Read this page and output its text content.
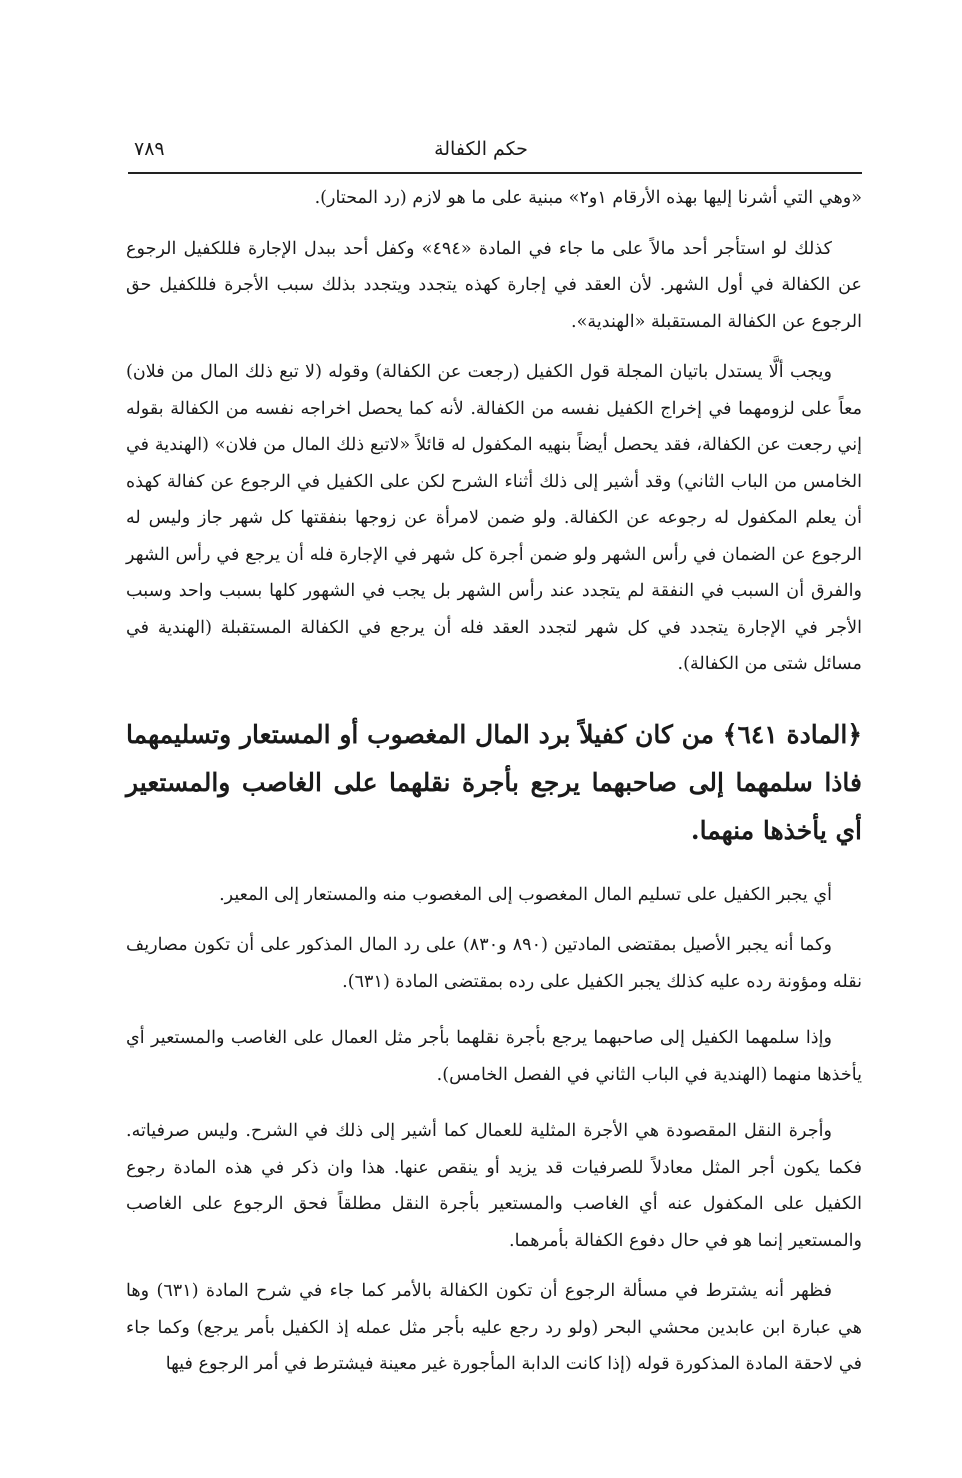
حكم الكفالة
٧٨٩

«وهي التي أشرنا إليها بهذه الأرقام ١و٢» مبنية على ما هو لازم (رد المحتار).

كذلك لو استأجر أحد مالاً على ما جاء في المادة «٤٩٤» وكفل أحد ببدل الإجارة فللكفيل الرجوع عن الكفالة في أول الشهر. لأن العقد في إجارة كهذه يتجدد ويتجدد بذلك سبب الأجرة فللكفيل حق الرجوع عن الكفالة المستقبلة «الهندية».

ويجب ألَّا يستدل باتيان المجلة قول الكفيل (رجعت عن الكفالة) وقوله (لا تبع ذلك المال من فلان) معاً على لزومهما في إخراج الكفيل نفسه من الكفالة. لأنه كما يحصل اخراجه نفسه من الكفالة بقوله إني رجعت عن الكفالة، فقد يحصل أيضاً بنهيه المكفول له قائلاً «لاتبع ذلك المال من فلان» (الهندية في الخامس من الباب الثاني) وقد أشير إلى ذلك أثناء الشرح لكن على الكفيل في الرجوع عن كفالة كهذه أن يعلم المكفول له رجوعه عن الكفالة. ولو ضمن لامرأة عن زوجها بنفقتها كل شهر جاز وليس له الرجوع عن الضمان في رأس الشهر ولو ضمن أجرة كل شهر في الإجارة فله أن يرجع في رأس الشهر والفرق أن السبب في النفقة لم يتجدد عند رأس الشهر بل يجب في الشهور كلها بسبب واحد وسبب الأجر في الإجارة يتجدد في كل شهر لتجدد العقد فله أن يرجع في الكفالة المستقبلة (الهندية في مسائل شتى من الكفالة).

﴿المادة ٦٤١﴾ من كان كفيلاً برد المال المغصوب أو المستعار وتسليمهما فاذا سلمهما إلى صاحبهما يرجع بأجرة نقلهما على الغاصب والمستعير أي يأخذها منهما.

أي يجبر الكفيل على تسليم المال المغصوب إلى المغصوب منه والمستعار إلى المعير.

وكما أنه يجبر الأصيل بمقتضى المادتين (٨٩٠ و٨٣٠) على رد المال المذكور على أن تكون مصاريف نقله ومؤونة رده عليه كذلك يجبر الكفيل على رده بمقتضى المادة (٦٣١).

وإذا سلمهما الكفيل إلى صاحبهما يرجع بأجرة نقلهما بأجر مثل العمال على الغاصب والمستعير أي يأخذها منهما (الهندية في الباب الثاني في الفصل الخامس).

وأجرة النقل المقصودة هي الأجرة المثلية للعمال كما أشير إلى ذلك في الشرح. وليس صرفياته. فكما يكون أجر المثل معادلاً للصرفيات قد يزيد أو ينقص عنها. هذا وان ذكر في هذه المادة رجوع الكفيل على المكفول عنه أي الغاصب والمستعير بأجرة النقل مطلقاً فحق الرجوع على الغاصب والمستعير إنما هو في حال دفوع الكفالة بأمرهما.

فظهر أنه يشترط في مسألة الرجوع أن تكون الكفالة بالأمر كما جاء في شرح المادة (٦٣١) وها هي عبارة ابن عابدين محشي البحر (ولو رد رجع عليه بأجر مثل عمله إذ الكفيل بأمر يرجع) وكما جاء في لاحقة المادة المذكورة قوله (إذا كانت الدابة المأجورة غير معينة فيشترط في أمر الرجوع فيها
